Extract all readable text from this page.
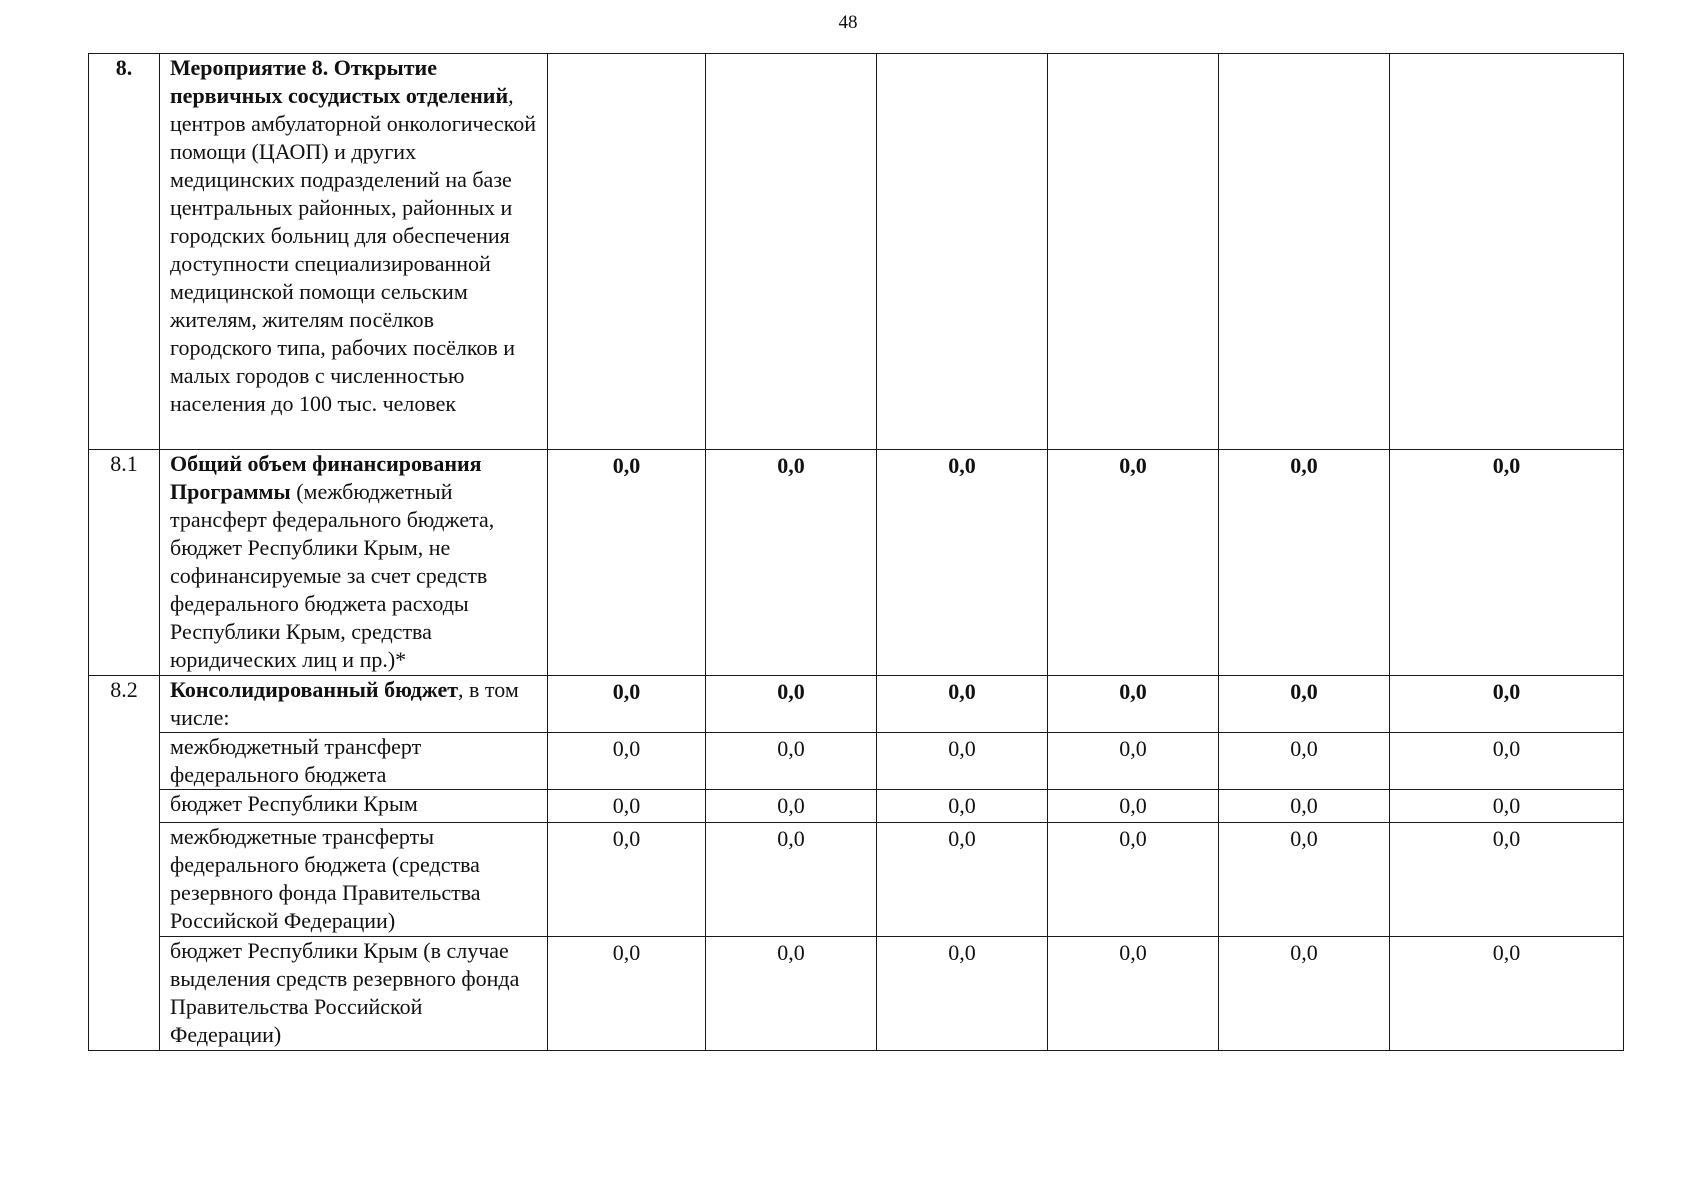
48
8.	Мероприятие 8. Открытие первичных сосудистых отделений, центров амбулаторной онкологической помощи (ЦАОП) и других медицинских подразделений на базе центральных районных, районных и городских больниц для обеспечения доступности специализированной медицинской помощи сельским жителям, жителям посёлков городского типа, рабочих посёлков и малых городов с численностью населения до 100 тыс. человек						
8.1	Общий объем финансирования Программы (межбюджетный трансферт федерального бюджета, бюджет Республики Крым, не софинансируемые за счет средств федерального бюджета расходы Республики Крым, средства юридических лиц и пр.)*	0,0	0,0	0,0	0,0	0,0	0,0
8.2	Консолидированный бюджет, в том числе:	0,0	0,0	0,0	0,0	0,0	0,0
	межбюджетный трансферт федерального бюджета	0,0	0,0	0,0	0,0	0,0	0,0
	бюджет Республики Крым	0,0	0,0	0,0	0,0	0,0	0,0
	межбюджетные трансферты федерального бюджета (средства резервного фонда Правительства Российской Федерации)	0,0	0,0	0,0	0,0	0,0	0,0
	бюджет Республики Крым (в случае выделения средств резервного фонда Правительства Российской Федерации)	0,0	0,0	0,0	0,0	0,0	0,0
